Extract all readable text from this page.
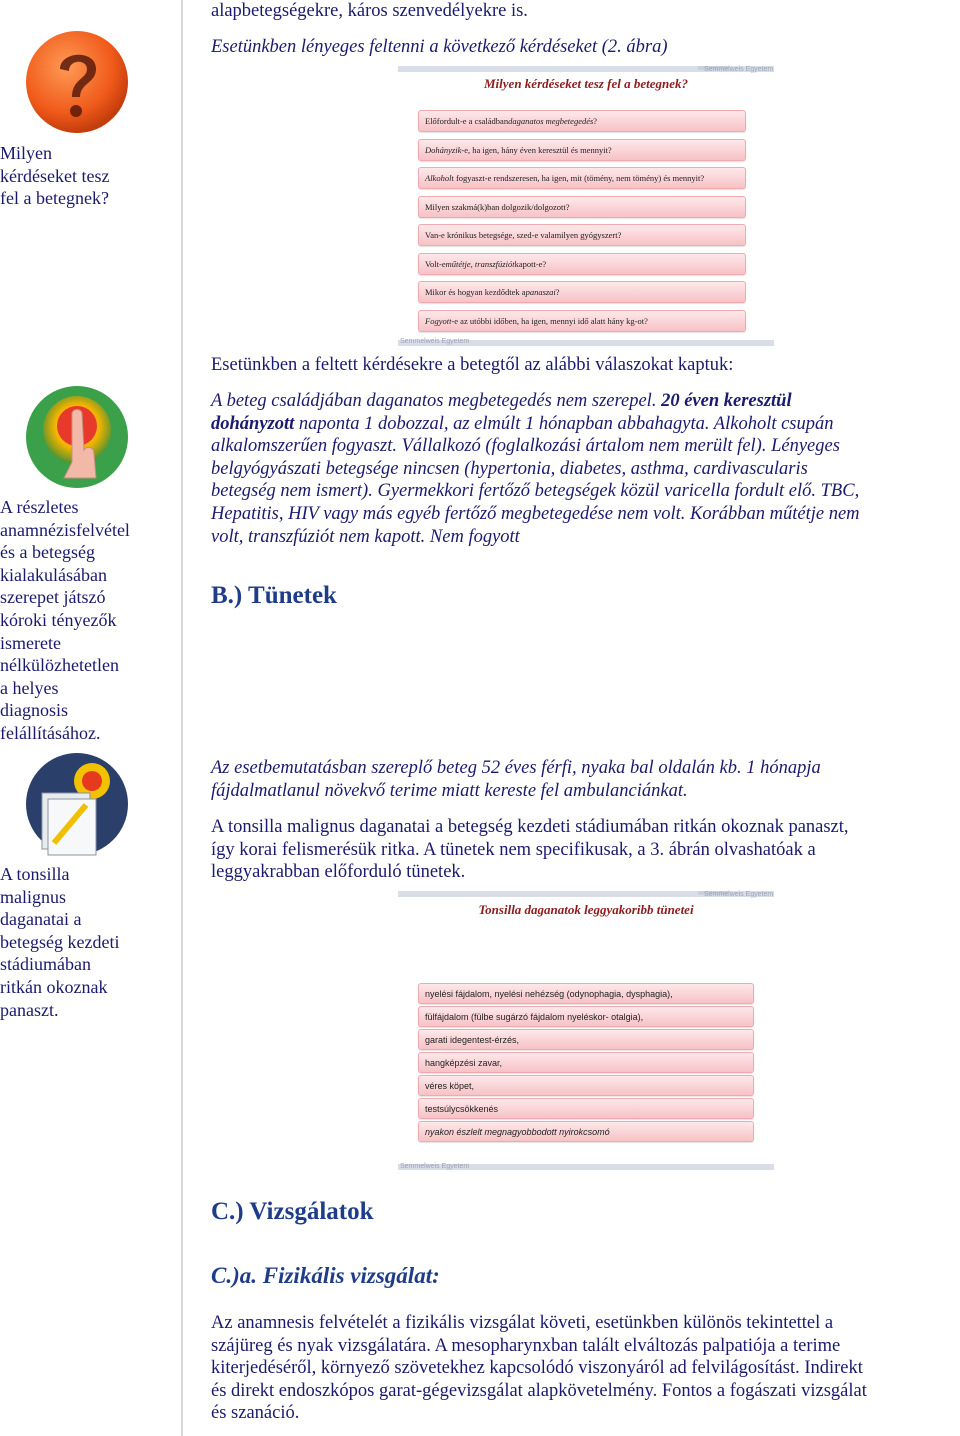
alapbetegségekre, káros szenvedélyekre is.
Esetünkben lényeges feltenni a következő kérdéseket (2. ábra)

Milyen

kérdéseket tesz

fel a betegnek?

A részletes

anamnézisfelvétel

és a betegség

kialakulásában

szerepet játszó

kóroki tényezők

ismerete

nélkülözhetetlen

a helyes

diagnosis

felállításához.

A tonsilla

malignus

daganatai a

betegség kezdeti

stádiumában

ritkán okoznak

panaszt.

Semmelweis Egyetem
Milyen kérdéseket tesz fel a betegnek?
Előfordult-e a családban daganatos megbetegedés ?
Dohányzik -e, ha igen, hány éven keresztül és mennyit?
Alkohol t fogyaszt-e rendszeresen, ha igen, mit (tömény, nem tömény) és mennyit?
Milyen szakmá(k)ban dolgozik/dolgozott?
Van-e krónikus betegsége, szed-e valamilyen gyógyszert?
Volt-e műtétje, transzfúziót kapott-e?
Mikor és hogyan kezdődtek a panaszai ?
Fogyott -e az utóbbi időben, ha igen, mennyi idő alatt hány kg-ot?
Semmelweis Egyetem
Esetünkben a feltett kérdésekre a betegtől az alábbi válaszokat kaptuk:
A beteg családjában daganatos megbetegedés nem szerepel. 20 éven keresztül
dohányzott naponta 1 dobozzal, az elmúlt 1 hónapban abbahagyta. Alkoholt csupán
alkalomszerűen fogyaszt. Vállalkozó (foglalkozási ártalom nem merült fel). Lényeges
belgyógyászati betegsége nincsen (hypertonia, diabetes, asthma, cardivascularis
betegség nem ismert). Gyermekkori fertőző betegségek közül varicella fordult elő. TBC,
Hepatitis, HIV vagy más egyéb fertőző megbetegedése nem volt. Korábban műtétje nem
volt, transzfúziót nem kapott. Nem fogyott
B.) Tünetek
Az esetbemutatásban szereplő beteg 52 éves férfi, nyaka bal oldalán kb. 1 hónapja
fájdalmatlanul növekvő terime miatt kereste fel ambulanciánkat.
A tonsilla malignus daganatai a betegség kezdeti stádiumában ritkán okoznak panaszt,
így korai felismerésük ritka. A tünetek nem specifikusak, a 3. ábrán olvashatóak a
leggyakrabban előforduló tünetek.
Semmelweis Egyetem
Tonsilla daganatok leggyakoribb tünetei
nyelési fájdalom, nyelési nehézség (odynophagia, dysphagia),
fülfájdalom (fülbe sugárzó fájdalom nyeléskor- otalgia),
garati idegentest-érzés,
hangképzési zavar,
véres köpet,
testsúlycsökkenés
nyakon észlelt megnagyobbodott nyirokcsomó
Semmelweis Egyetem
C.) Vizsgálatok
C.)a. Fizikális vizsgálat:
Az anamnesis felvételét a fizikális vizsgálat követi, esetünkben különös tekintettel a
szájüreg és nyak vizsgálatára. A mesopharynxban talált elváltozás palpatiója a terime
kiterjedéséről, környező szövetekhez kapcsolódó viszonyáról ad felvilágosítást. Indirekt
és direkt endoszkópos garat-gégevizsgálat alapkövetelmény. Fontos a fogászati vizsgálat
és szanáció.
